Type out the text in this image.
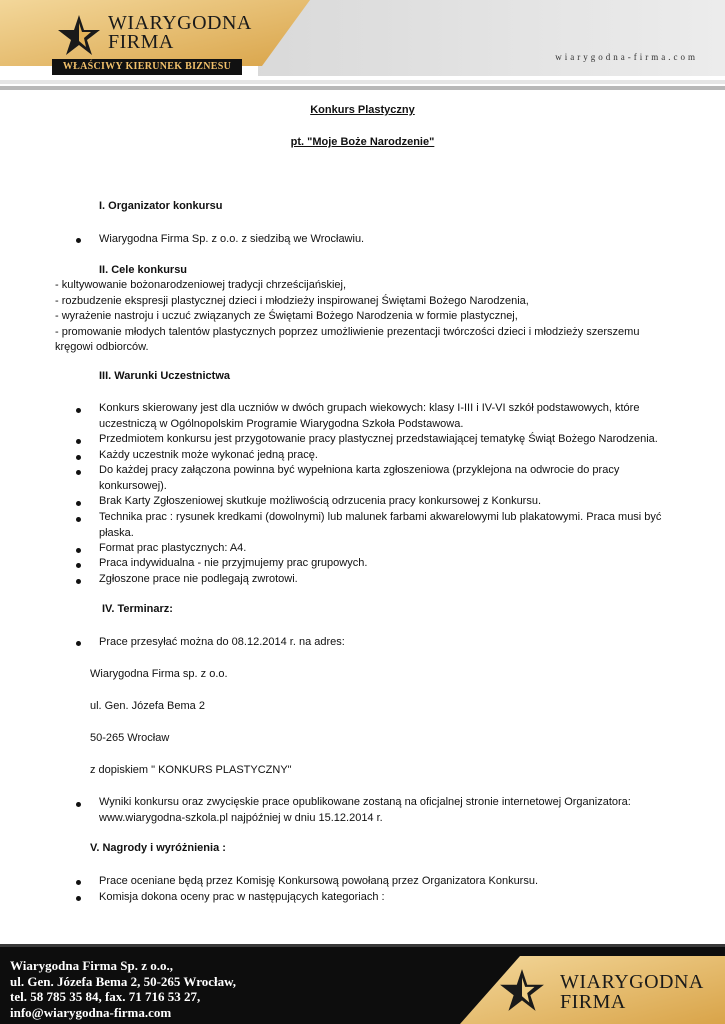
WIARYGODNA
FIRMA
WŁAŚCIWY KIERUNEK BIZNESU
wiarygodna-firma.com
Konkurs Plastyczny
pt. "Moje Boże Narodzenie"
I. Organizator konkursu
Wiarygodna Firma Sp. z o.o. z siedzibą we Wrocławiu.
II. Cele konkursu
- kultywowanie bożonarodzeniowej tradycji chrześcijańskiej,
- rozbudzenie ekspresji plastycznej dzieci i młodzieży inspirowanej Świętami Bożego Narodzenia,
- wyrażenie nastroju i uczuć związanych ze Świętami Bożego Narodzenia w formie plastycznej,
- promowanie młodych talentów plastycznych poprzez umożliwienie prezentacji twórczości dzieci i młodzieży szerszemu
kręgowi odbiorców.
III. Warunki Uczestnictwa
Konkurs skierowany jest dla uczniów w dwóch grupach wiekowych: klasy I-III i IV-VI szkół podstawowych, które uczestniczą w Ogólnopolskim Programie Wiarygodna Szkoła Podstawowa.
Przedmiotem konkursu jest przygotowanie pracy plastycznej przedstawiającej tematykę Świąt Bożego Narodzenia.
Każdy uczestnik może wykonać jedną pracę.
Do każdej pracy załączona powinna być wypełniona karta zgłoszeniowa (przyklejona na odwrocie do pracy konkursowej).
Brak Karty Zgłoszeniowej skutkuje możliwością odrzucenia pracy konkursowej z Konkursu.
Technika prac : rysunek kredkami (dowolnymi) lub malunek farbami akwarelowymi lub plakatowymi. Praca musi być płaska.
Format prac plastycznych: A4.
Praca indywidualna - nie przyjmujemy prac grupowych.
Zgłoszone prace nie podlegają zwrotowi.
IV. Terminarz:
Prace przesyłać można do 08.12.2014 r. na adres:
Wiarygodna Firma sp. z o.o.
ul. Gen. Józefa Bema 2
50-265 Wrocław
z dopiskiem " KONKURS PLASTYCZNY"
Wyniki konkursu oraz zwycięskie prace opublikowane zostaną na oficjalnej stronie internetowej Organizatora: www.wiarygodna-szkola.pl najpóźniej w dniu 15.12.2014 r.
V. Nagrody i wyróżnienia :
Prace oceniane będą przez Komisję Konkursową powołaną przez Organizatora Konkursu.
Komisja dokona oceny prac w następujących kategoriach :
Wiarygodna Firma Sp. z o.o.,
ul. Gen. Józefa Bema 2, 50-265 Wrocław,
tel. 58 785 35 84, fax. 71 716 53 27,
info@wiarygodna-firma.com
WIARYGODNA
FIRMA
